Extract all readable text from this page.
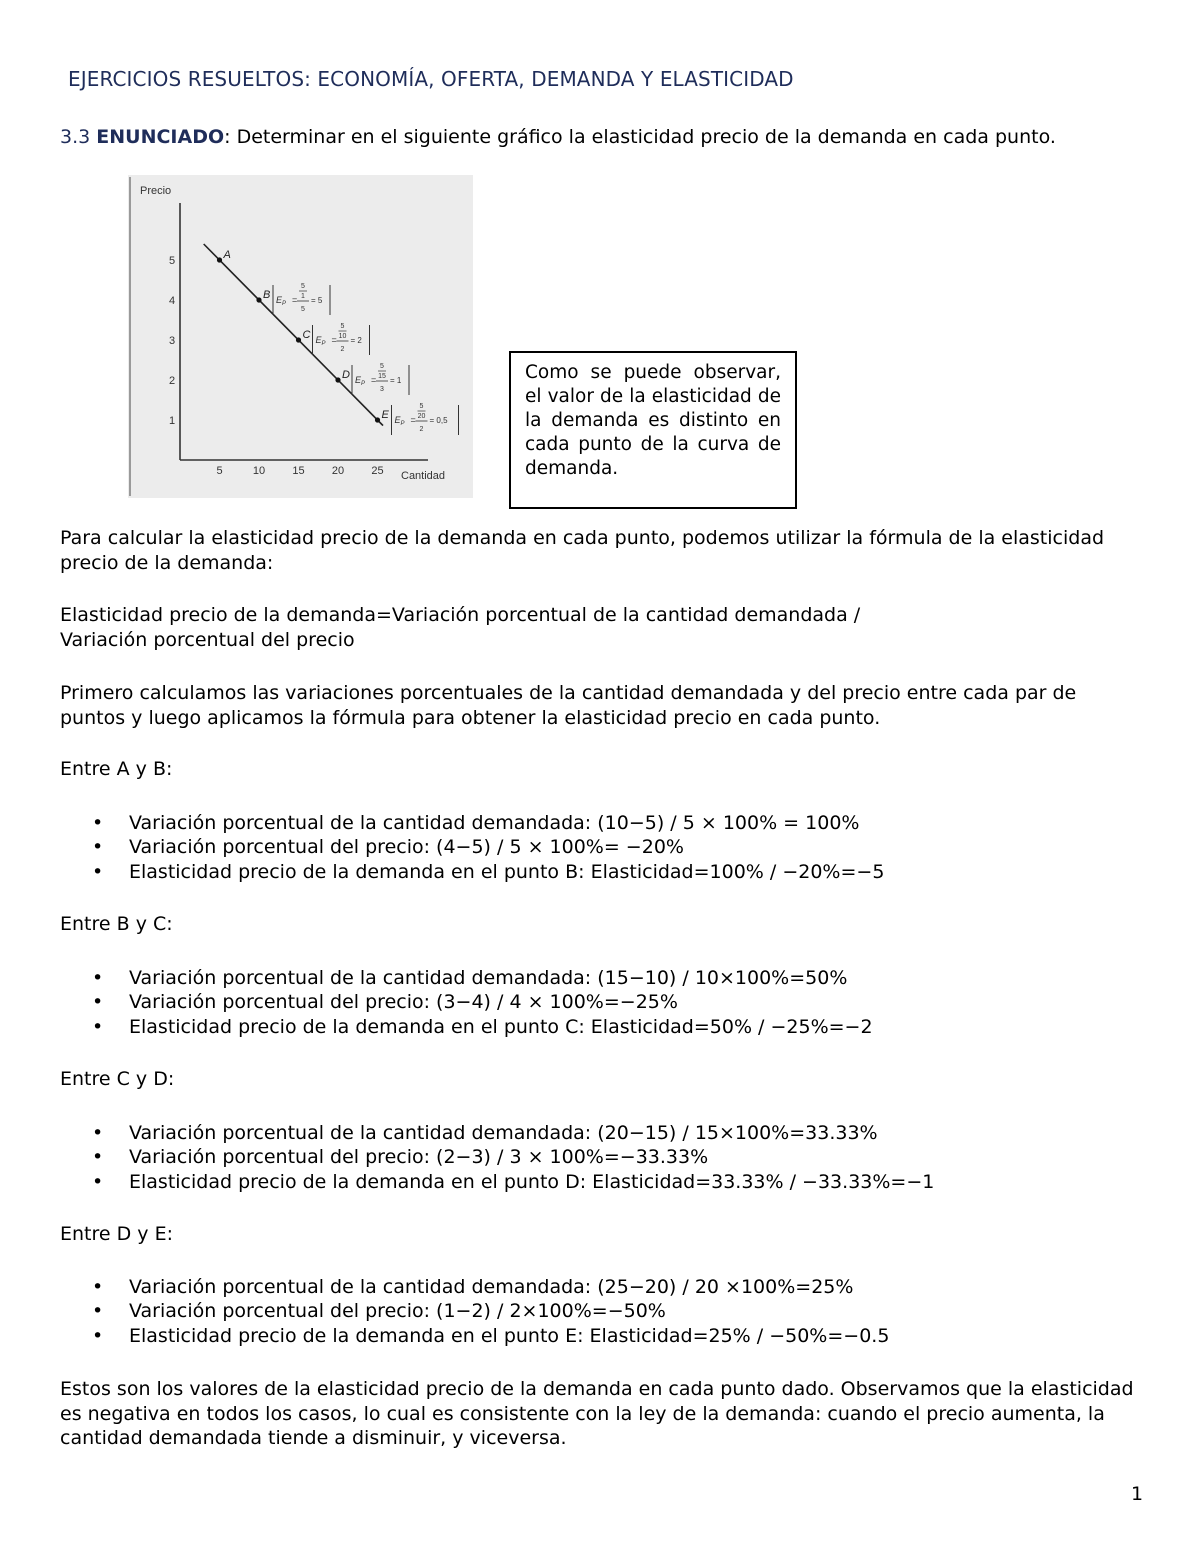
EJERCICIOS RESUELTOS: ECONOMÍA, OFERTA, DEMANDA Y ELASTICIDAD
3.3 ENUNCIADO: Determinar en el siguiente gráfico la elasticidad precio de la demanda en cada punto.
Precio
Cantidad
5	10 15 20 25
5
4
3
2
1
A
B
C
D
E
$E_P$ =
5
1
5
= 5
$E_P$ =
5
10
2
= 2
$E_P$ =
5
15
3
= 1
$E_P$ =
5
20
2
= 0,5
Como se puede observar, el valor de la elasticidad de la demanda es distinto en cada punto de la curva de demanda.
Para calcular la elasticidad precio de la demanda en cada punto, podemos utilizar la fórmula de la elasticidad precio de la demanda:
Elasticidad precio de la demanda=Variación porcentual de la cantidad demandada /
Variación porcentual del precio
Primero calculamos las variaciones porcentuales de la cantidad demandada y del precio entre cada par de puntos y luego aplicamos la fórmula para obtener la elasticidad precio en cada punto.
Entre A y B:
• Variación porcentual de la cantidad demandada: (10−5) / 5 × 100% = 100%
• Variación porcentual del precio: (4−5) / 5 × 100%= −20%
• Elasticidad precio de la demanda en el punto B: Elasticidad=100% / −20%=−5
Entre B y C:
• Variación porcentual de la cantidad demandada: (15−10) / 10×100%=50%
• Variación porcentual del precio: (3−4) / 4 × 100%=−25%
• Elasticidad precio de la demanda en el punto C: Elasticidad=50% / −25%=−2
Entre C y D:
• Variación porcentual de la cantidad demandada: (20−15) / 15×100%=33.33%
• Variación porcentual del precio: (2−3) / 3 × 100%=−33.33%
• Elasticidad precio de la demanda en el punto D: Elasticidad=33.33% / −33.33%=−1
Entre D y E:
• Variación porcentual de la cantidad demandada: (25−20) / 20 ×100%=25%
• Variación porcentual del precio: (1−2) / 2×100%=−50%
• Elasticidad precio de la demanda en el punto E: Elasticidad=25% / −50%=−0.5
Estos son los valores de la elasticidad precio de la demanda en cada punto dado. Observamos que la elasticidad es negativa en todos los casos, lo cual es consistente con la ley de la demanda: cuando el precio aumenta, la cantidad demandada tiende a disminuir, y viceversa.
1
